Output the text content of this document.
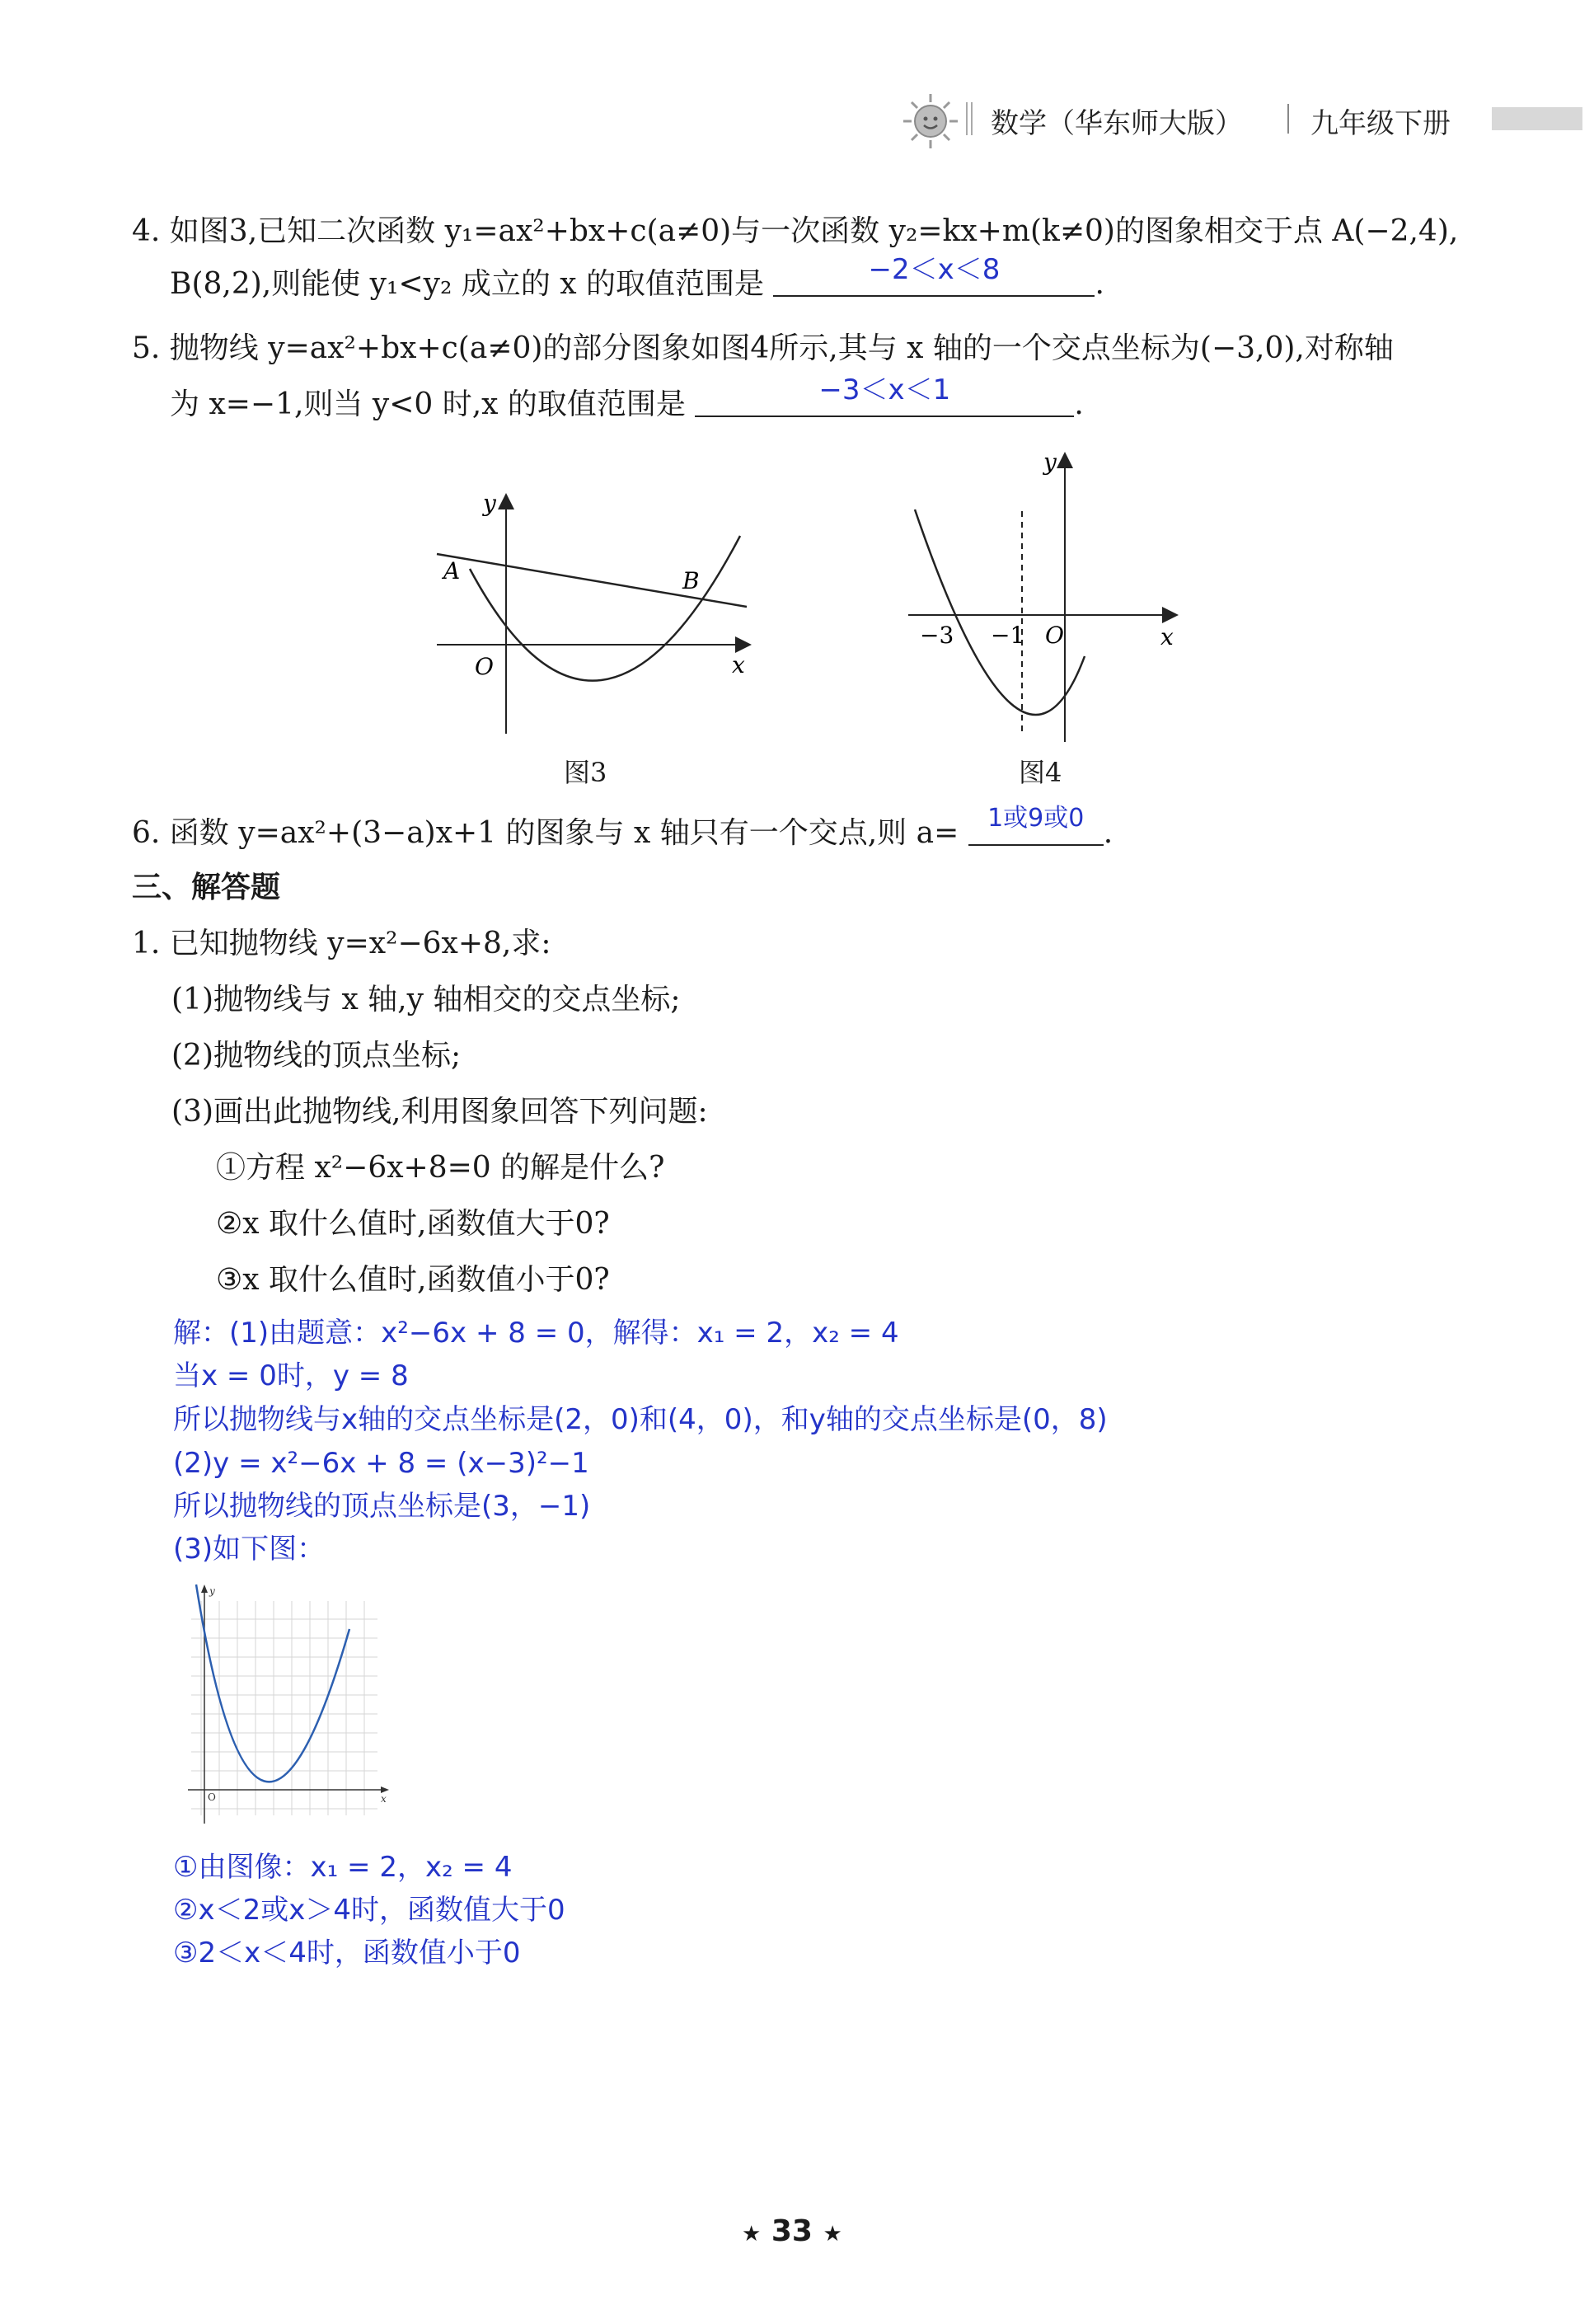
数学（华东师大版） 九年级下册
4. 如图3,已知二次函数 y₁=ax²+bx+c(a≠0)与一次函数 y₂=kx+m(k≠0)的图象相交于点 A(−2,4),
B(8,2),则能使 y₁<y₂ 成立的 x 的取值范围是	−2＜x＜8	.
5. 抛物线 y=ax²+bx+c(a≠0)的部分图象如图4所示,其与 x 轴的一个交点坐标为(−3,0),对称轴
为 x=−1,则当 y<0 时,x 的取值范围是	−3＜x＜1	.
y
x
O
A	B
图3
y
x
O
−3 −1
图4
6. 函数 y=ax²+(3−a)x+1 的图象与 x 轴只有一个交点,则 a=	1或9或0 .
三、解答题
1. 已知抛物线 y=x²−6x+8,求:
(1)抛物线与 x 轴,y 轴相交的交点坐标;
(2)抛物线的顶点坐标;
(3)画出此抛物线,利用图象回答下列问题:
①方程 x²−6x+8=0 的解是什么?
②x 取什么值时,函数值大于0?
③x 取什么值时,函数值小于0?
解：(1)由题意：x²−6x + 8 = 0，解得：x₁ = 2，x₂ = 4
当x = 0时，y = 8
所以抛物线与x轴的交点坐标是(2，0)和(4，0)，和y轴的交点坐标是(0，8)
(2)y = x²−6x + 8 = (x−3)²−1
所以抛物线的顶点坐标是(3，−1)
(3)如下图：
y
x
O
①由图像：x₁ = 2，x₂ = 4
②x＜2或x＞4时，函数值大于0
③2＜x＜4时，函数值小于0
★ 33 ★
